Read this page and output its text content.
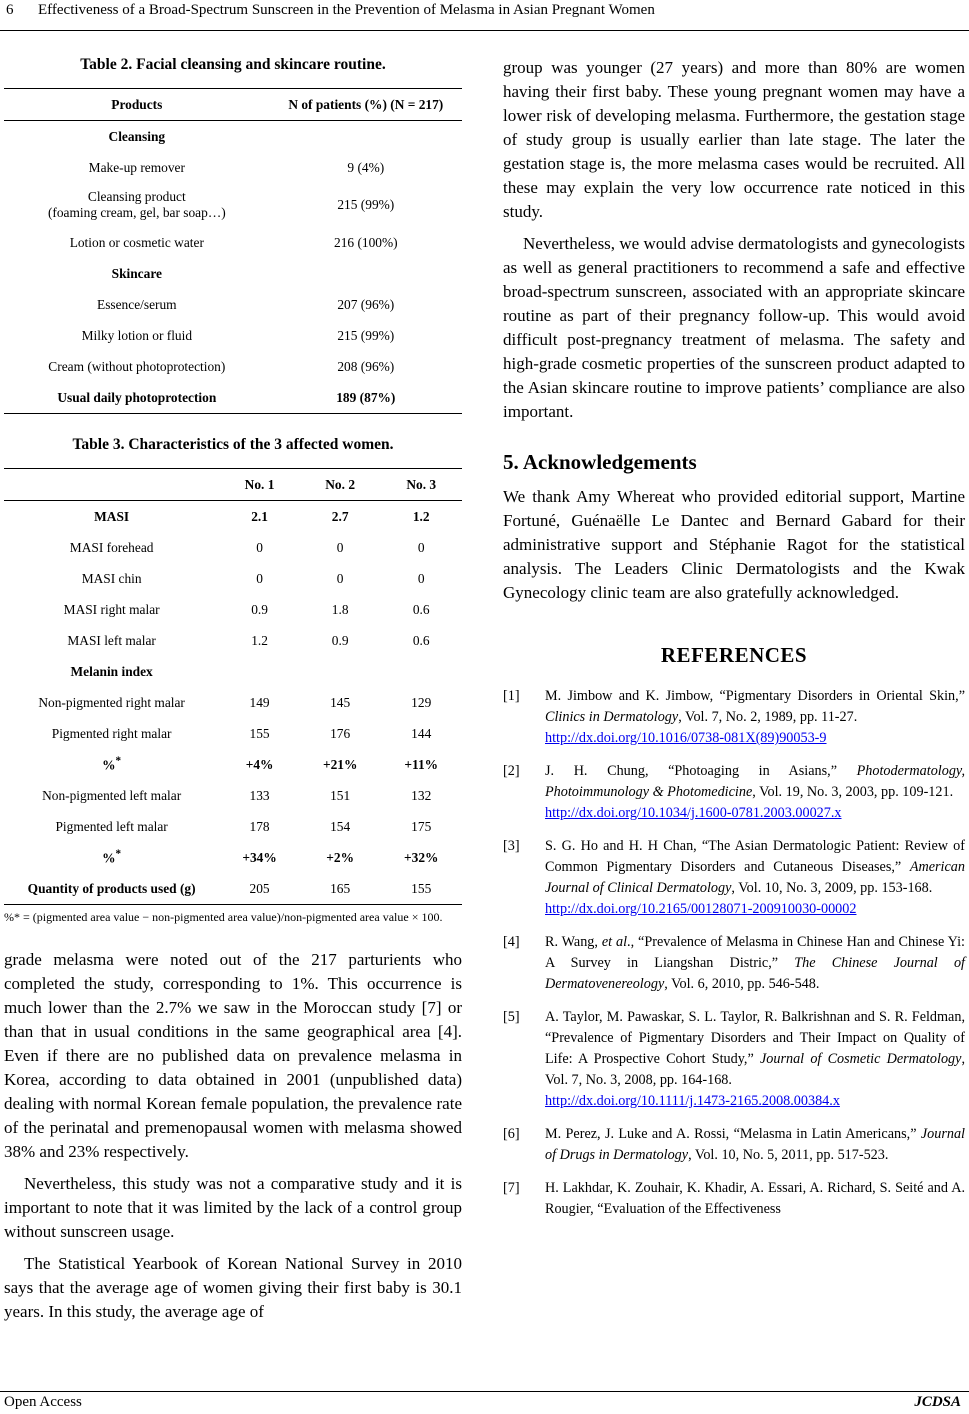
6 Effectiveness of a Broad-Spectrum Sunscreen in the Prevention of Melasma in Asian Pregnant Women
Table 2. Facial cleansing and skincare routine.
Products	N of patients (%) (N = 217)
Cleansing	
Make-up remover	9 (4%)
Cleansing product
(foaming cream, gel, bar soap…)	215 (99%)
Lotion or cosmetic water	216 (100%)
Skincare	
Essence/serum	207 (96%)
Milky lotion or fluid	215 (99%)
Cream (without photoprotection)	208 (96%)
Usual daily photoprotection	189 (87%)
Table 3. Characteristics of the 3 affected women.
	No. 1	No. 2	No. 3
MASI	2.1	2.7	1.2
MASI forehead	0	0	0
MASI chin	0	0	0
MASI right malar	0.9	1.8	0.6
MASI left malar	1.2	0.9	0.6
Melanin index			
Non-pigmented right malar	149	145	129
Pigmented right malar	155	176	144
%*	+4%	+21%	+11%
Non-pigmented left malar	133	151	132
Pigmented left malar	178	154	175
%*	+34%	+2%	+32%
Quantity of products used (g)	205	165	155
%* = (pigmented area value − non-pigmented area value)/non-pigmented area value × 100.

grade melasma were noted out of the 217 parturients who completed the study, corresponding to 1%. This occurrence is much lower than the 2.7% we saw in the Moroccan study [7] or than that in usual conditions in the same geographical area [4]. Even if there are no published data on prevalence melasma in Korea, according to data obtained in 2001 (unpublished data) dealing with normal Korean female population, the prevalence rate of the perinatal and premenopausal women with melasma showed 38% and 23% respectively.

Nevertheless, this study was not a comparative study and it is important to note that it was limited by the lack of a control group without sunscreen usage.

The Statistical Yearbook of Korean National Survey in 2010 says that the average age of women giving their first baby is 30.1 years. In this study, the average age of

group was younger (27 years) and more than 80% are women having their first baby. These young pregnant women may have a lower risk of developing melasma. Furthermore, the gestation stage of study group is usually earlier than late stage. The later the gestation stage is, the more melasma cases would be recruited. All these may explain the very low occurrence rate noticed in this study.

Nevertheless, we would advise dermatologists and gynecologists as well as general practitioners to recommend a safe and effective broad-spectrum sunscreen, associated with an appropriate skincare routine as part of their pregnancy follow-up. This would avoid difficult post-pregnancy treatment of melasma. The safety and high-grade cosmetic properties of the sunscreen product adapted to the Asian skincare routine to improve patients’ compliance are also important.

5. Acknowledgements

We thank Amy Whereat who provided editorial support, Martine Fortuné, Guénaëlle Le Dantec and Bernard Gabard for their administrative support and Stéphanie Ragot for the statistical analysis. The Leaders Clinic Dermatologists and the Kwak Gynecology clinic team are also gratefully acknowledged.

REFERENCES
[1] M. Jimbow and K. Jimbow, “Pigmentary Disorders in Oriental Skin,” Clinics in Dermatology, Vol. 7, No. 2, 1989, pp. 11-27.
http://dx.doi.org/10.1016/0738-081X(89)90053-9
[2] J. H. Chung, “Photoaging in Asians,” Photodermatology, Photoimmunology & Photomedicine, Vol. 19, No. 3, 2003, pp. 109-121.
http://dx.doi.org/10.1034/j.1600-0781.2003.00027.x
[3] S. G. Ho and H. H Chan, “The Asian Dermatologic Patient: Review of Common Pigmentary Disorders and Cutaneous Diseases,” American Journal of Clinical Dermatology, Vol. 10, No. 3, 2009, pp. 153-168.
http://dx.doi.org/10.2165/00128071-200910030-00002
[4] R. Wang, et al., “Prevalence of Melasma in Chinese Han and Chinese Yi: A Survey in Liangshan Distric,” The Chinese Journal of Dermatovenereology, Vol. 6, 2010, pp. 546-548.
[5] A. Taylor, M. Pawaskar, S. L. Taylor, R. Balkrishnan and S. R. Feldman, “Prevalence of Pigmentary Disorders and Their Impact on Quality of Life: A Prospective Cohort Study,” Journal of Cosmetic Dermatology, Vol. 7, No. 3, 2008, pp. 164-168.
http://dx.doi.org/10.1111/j.1473-2165.2008.00384.x
[6] M. Perez, J. Luke and A. Rossi, “Melasma in Latin Americans,” Journal of Drugs in Dermatology, Vol. 10, No. 5, 2011, pp. 517-523.
[7] H. Lakhdar, K. Zouhair, K. Khadir, A. Essari, A. Richard, S. Seité and A. Rougier, “Evaluation of the Effectiveness
Open Access	JCDSA
